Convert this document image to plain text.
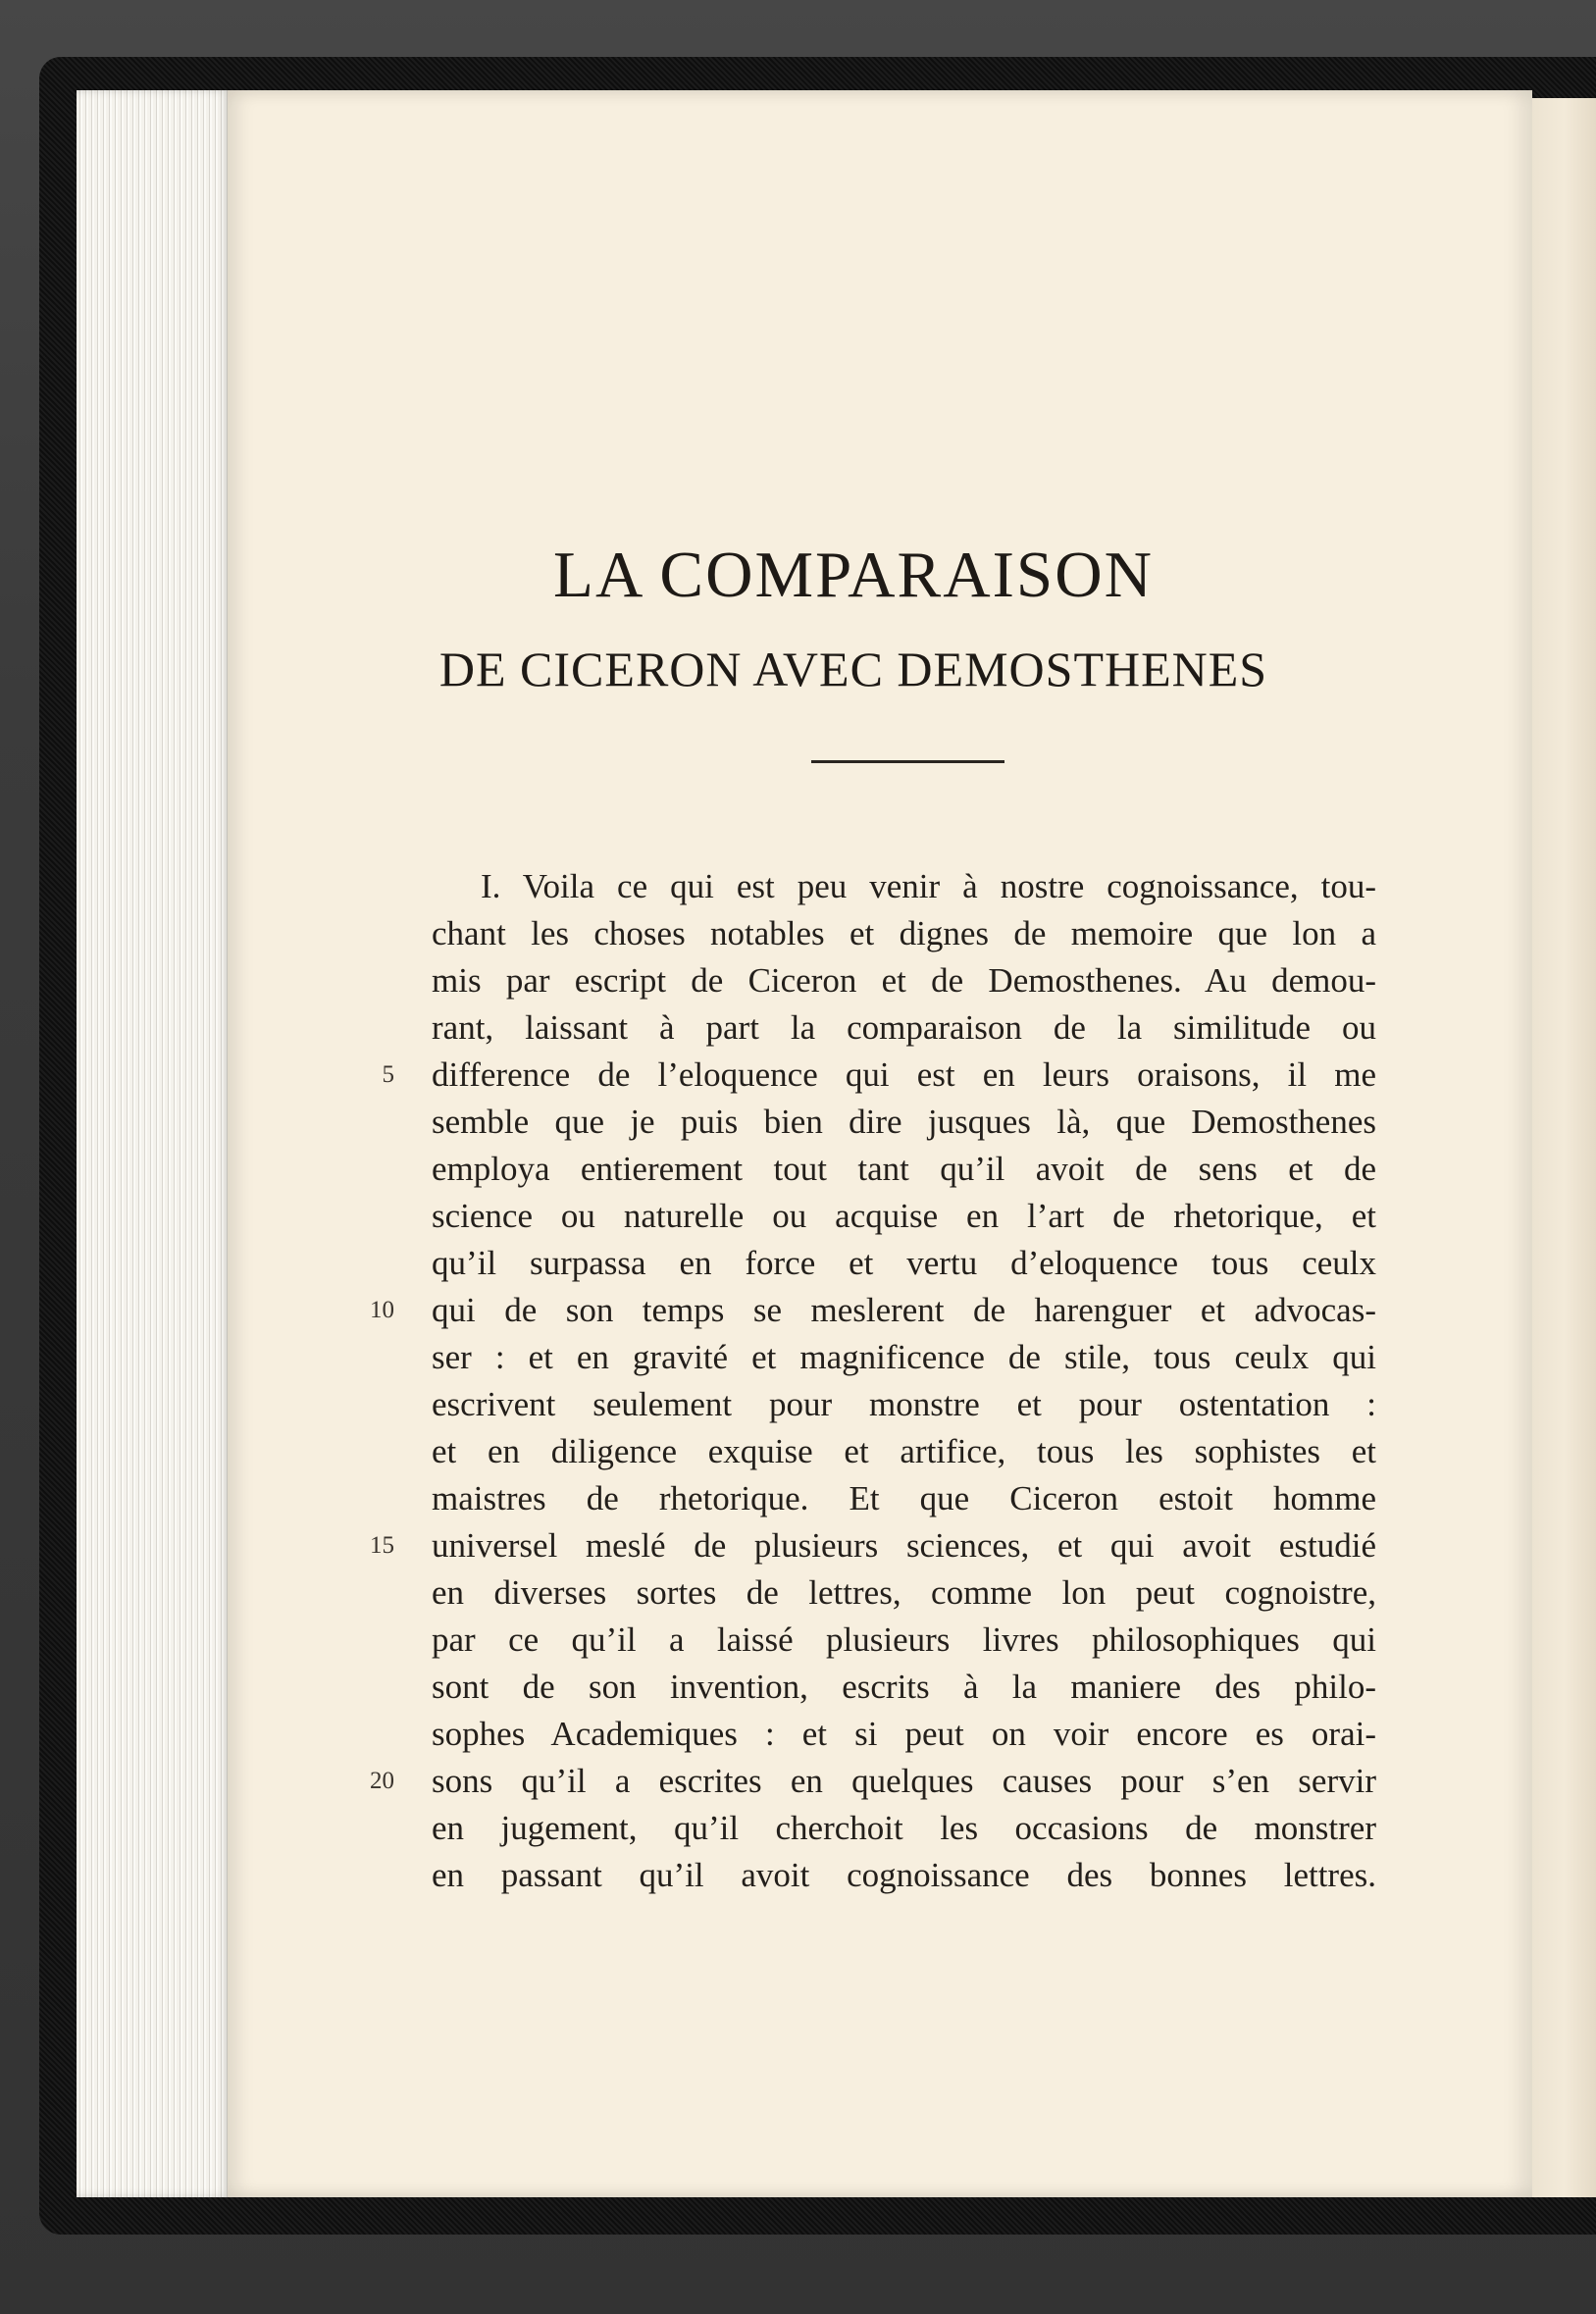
LA COMPARAISON
DE CICERON AVEC DEMOSTHENES
I. Voila ce qui est peu venir à nostre cognoissance, tou-
chant les choses notables et dignes de memoire que lon a
mis par escript de Ciceron et de Demosthenes. Au demou-
rant, laissant à part la comparaison de la similitude ou
difference de l’eloquence qui est en leurs oraisons, il me
semble que je puis bien dire jusques là, que Demosthenes
employa entierement tout tant qu’il avoit de sens et de
science ou naturelle ou acquise en l’art de rhetorique, et
qu’il surpassa en force et vertu d’eloquence tous ceulx
qui de son temps se meslerent de harenguer et advocas-
ser : et en gravité et magnificence de stile, tous ceulx qui
escrivent seulement pour monstre et pour ostentation :
et en diligence exquise et artifice, tous les sophistes et
maistres de rhetorique. Et que Ciceron estoit homme
universel meslé de plusieurs sciences, et qui avoit estudié
en diverses sortes de lettres, comme lon peut cognoistre,
par ce qu’il a laissé plusieurs livres philosophiques qui
sont de son invention, escrits à la maniere des philo-
sophes Academiques : et si peut on voir encore es orai-
sons qu’il a escrites en quelques causes pour s’en servir
en jugement, qu’il cherchoit les occasions de monstrer
en passant qu’il avoit cognoissance des bonnes lettres.
5
10
15
20
